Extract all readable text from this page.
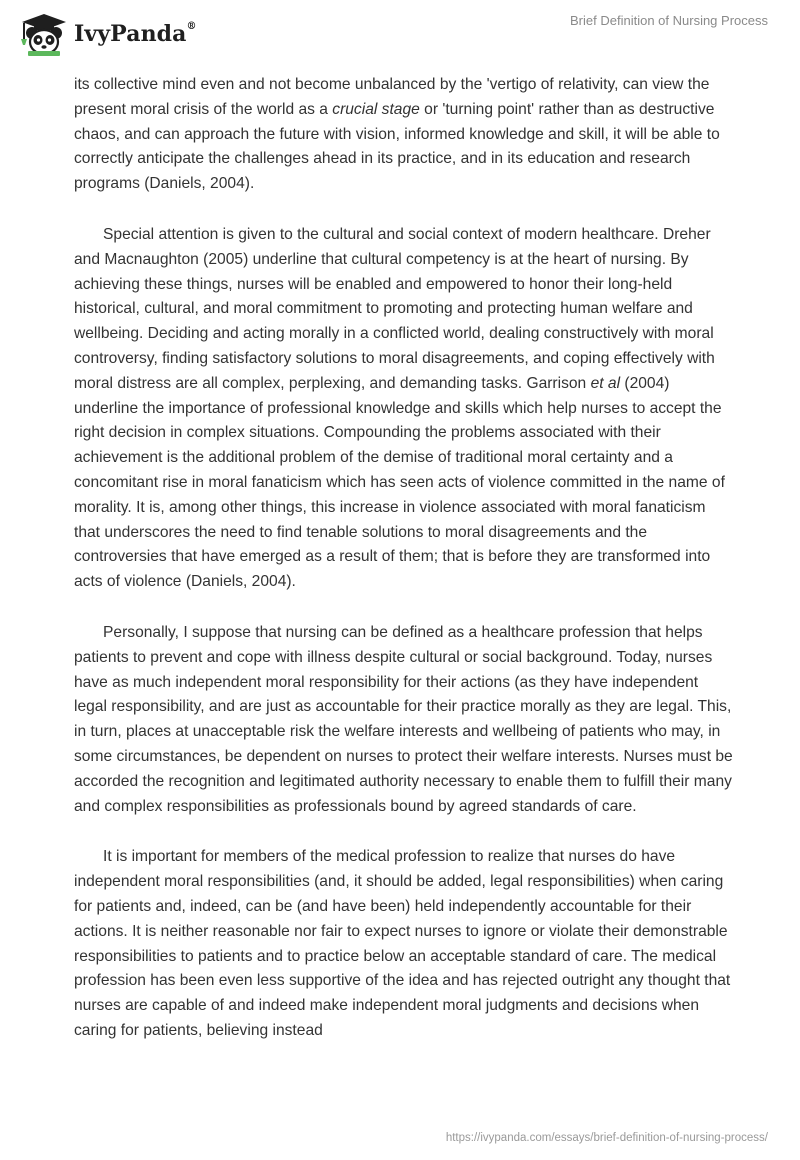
IvyPanda®	Brief Definition of Nursing Process

its collective mind even and not become unbalanced by the 'vertigo of relativity, can view the present moral crisis of the world as a crucial stage or 'turning point' rather than as destructive chaos, and can approach the future with vision, informed knowledge and skill, it will be able to correctly anticipate the challenges ahead in its practice, and in its education and research programs (Daniels, 2004).

Special attention is given to the cultural and social context of modern healthcare. Dreher and Macnaughton (2005) underline that cultural competency is at the heart of nursing. By achieving these things, nurses will be enabled and empowered to honor their long-held historical, cultural, and moral commitment to promoting and protecting human welfare and wellbeing. Deciding and acting morally in a conflicted world, dealing constructively with moral controversy, finding satisfactory solutions to moral disagreements, and coping effectively with moral distress are all complex, perplexing, and demanding tasks. Garrison et al (2004) underline the importance of professional knowledge and skills which help nurses to accept the right decision in complex situations. Compounding the problems associated with their achievement is the additional problem of the demise of traditional moral certainty and a concomitant rise in moral fanaticism which has seen acts of violence committed in the name of morality. It is, among other things, this increase in violence associated with moral fanaticism that underscores the need to find tenable solutions to moral disagreements and the controversies that have emerged as a result of them; that is before they are transformed into acts of violence (Daniels, 2004).

Personally, I suppose that nursing can be defined as a healthcare profession that helps patients to prevent and cope with illness despite cultural or social background. Today, nurses have as much independent moral responsibility for their actions (as they have independent legal responsibility, and are just as accountable for their practice morally as they are legal. This, in turn, places at unacceptable risk the welfare interests and wellbeing of patients who may, in some circumstances, be dependent on nurses to protect their welfare interests. Nurses must be accorded the recognition and legitimated authority necessary to enable them to fulfill their many and complex responsibilities as professionals bound by agreed standards of care.

It is important for members of the medical profession to realize that nurses do have independent moral responsibilities (and, it should be added, legal responsibilities) when caring for patients and, indeed, can be (and have been) held independently accountable for their actions. It is neither reasonable nor fair to expect nurses to ignore or violate their demonstrable responsibilities to patients and to practice below an acceptable standard of care. The medical profession has been even less supportive of the idea and has rejected outright any thought that nurses are capable of and indeed make independent moral judgments and decisions when caring for patients, believing instead

https://ivypanda.com/essays/brief-definition-of-nursing-process/
